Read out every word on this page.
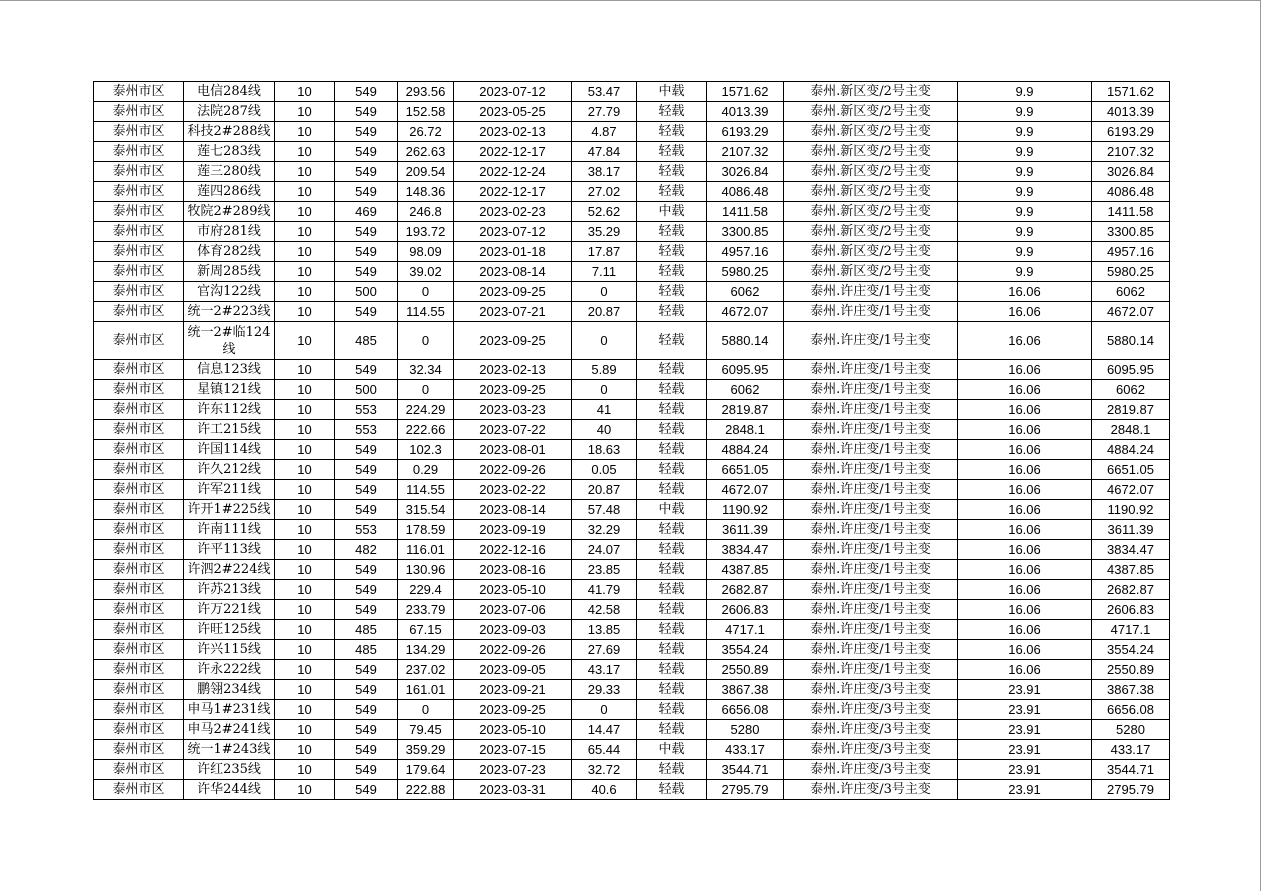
泰州市区	电信284线	10	549	293.56	2023-07-12	53.47	中载	1571.62	泰州.新区变/2号主变	9.9	1571.62
泰州市区	法院287线	10	549	152.58	2023-05-25	27.79	轻载	4013.39	泰州.新区变/2号主变	9.9	4013.39
泰州市区	科技2#288线	10	549	26.72	2023-02-13	4.87	轻载	6193.29	泰州.新区变/2号主变	9.9	6193.29
泰州市区	莲七283线	10	549	262.63	2022-12-17	47.84	轻载	2107.32	泰州.新区变/2号主变	9.9	2107.32
泰州市区	莲三280线	10	549	209.54	2022-12-24	38.17	轻载	3026.84	泰州.新区变/2号主变	9.9	3026.84
泰州市区	莲四286线	10	549	148.36	2022-12-17	27.02	轻载	4086.48	泰州.新区变/2号主变	9.9	4086.48
泰州市区	牧院2#289线	10	469	246.8	2023-02-23	52.62	中载	1411.58	泰州.新区变/2号主变	9.9	1411.58
泰州市区	市府281线	10	549	193.72	2023-07-12	35.29	轻载	3300.85	泰州.新区变/2号主变	9.9	3300.85
泰州市区	体育282线	10	549	98.09	2023-01-18	17.87	轻载	4957.16	泰州.新区变/2号主变	9.9	4957.16
泰州市区	新周285线	10	549	39.02	2023-08-14	7.11	轻载	5980.25	泰州.新区变/2号主变	9.9	5980.25
泰州市区	官沟122线	10	500	0	2023-09-25	0	轻载	6062	泰州.许庄变/1号主变	16.06	6062
泰州市区	统一2#223线	10	549	114.55	2023-07-21	20.87	轻载	4672.07	泰州.许庄变/1号主变	16.06	4672.07
泰州市区	统一2#临124线	10	485	0	2023-09-25	0	轻载	5880.14	泰州.许庄变/1号主变	16.06	5880.14
泰州市区	信息123线	10	549	32.34	2023-02-13	5.89	轻载	6095.95	泰州.许庄变/1号主变	16.06	6095.95
泰州市区	星镇121线	10	500	0	2023-09-25	0	轻载	6062	泰州.许庄变/1号主变	16.06	6062
泰州市区	许东112线	10	553	224.29	2023-03-23	41	轻载	2819.87	泰州.许庄变/1号主变	16.06	2819.87
泰州市区	许工215线	10	553	222.66	2023-07-22	40	轻载	2848.1	泰州.许庄变/1号主变	16.06	2848.1
泰州市区	许国114线	10	549	102.3	2023-08-01	18.63	轻载	4884.24	泰州.许庄变/1号主变	16.06	4884.24
泰州市区	许久212线	10	549	0.29	2022-09-26	0.05	轻载	6651.05	泰州.许庄变/1号主变	16.06	6651.05
泰州市区	许军211线	10	549	114.55	2023-02-22	20.87	轻载	4672.07	泰州.许庄变/1号主变	16.06	4672.07
泰州市区	许开1#225线	10	549	315.54	2023-08-14	57.48	中载	1190.92	泰州.许庄变/1号主变	16.06	1190.92
泰州市区	许南111线	10	553	178.59	2023-09-19	32.29	轻载	3611.39	泰州.许庄变/1号主变	16.06	3611.39
泰州市区	许平113线	10	482	116.01	2022-12-16	24.07	轻载	3834.47	泰州.许庄变/1号主变	16.06	3834.47
泰州市区	许泗2#224线	10	549	130.96	2023-08-16	23.85	轻载	4387.85	泰州.许庄变/1号主变	16.06	4387.85
泰州市区	许苏213线	10	549	229.4	2023-05-10	41.79	轻载	2682.87	泰州.许庄变/1号主变	16.06	2682.87
泰州市区	许万221线	10	549	233.79	2023-07-06	42.58	轻载	2606.83	泰州.许庄变/1号主变	16.06	2606.83
泰州市区	许旺125线	10	485	67.15	2023-09-03	13.85	轻载	4717.1	泰州.许庄变/1号主变	16.06	4717.1
泰州市区	许兴115线	10	485	134.29	2022-09-26	27.69	轻载	3554.24	泰州.许庄变/1号主变	16.06	3554.24
泰州市区	许永222线	10	549	237.02	2023-09-05	43.17	轻载	2550.89	泰州.许庄变/1号主变	16.06	2550.89
泰州市区	鹏翎234线	10	549	161.01	2023-09-21	29.33	轻载	3867.38	泰州.许庄变/3号主变	23.91	3867.38
泰州市区	申马1#231线	10	549	0	2023-09-25	0	轻载	6656.08	泰州.许庄变/3号主变	23.91	6656.08
泰州市区	申马2#241线	10	549	79.45	2023-05-10	14.47	轻载	5280	泰州.许庄变/3号主变	23.91	5280
泰州市区	统一1#243线	10	549	359.29	2023-07-15	65.44	中载	433.17	泰州.许庄变/3号主变	23.91	433.17
泰州市区	许红235线	10	549	179.64	2023-07-23	32.72	轻载	3544.71	泰州.许庄变/3号主变	23.91	3544.71
泰州市区	许华244线	10	549	222.88	2023-03-31	40.6	轻载	2795.79	泰州.许庄变/3号主变	23.91	2795.79
